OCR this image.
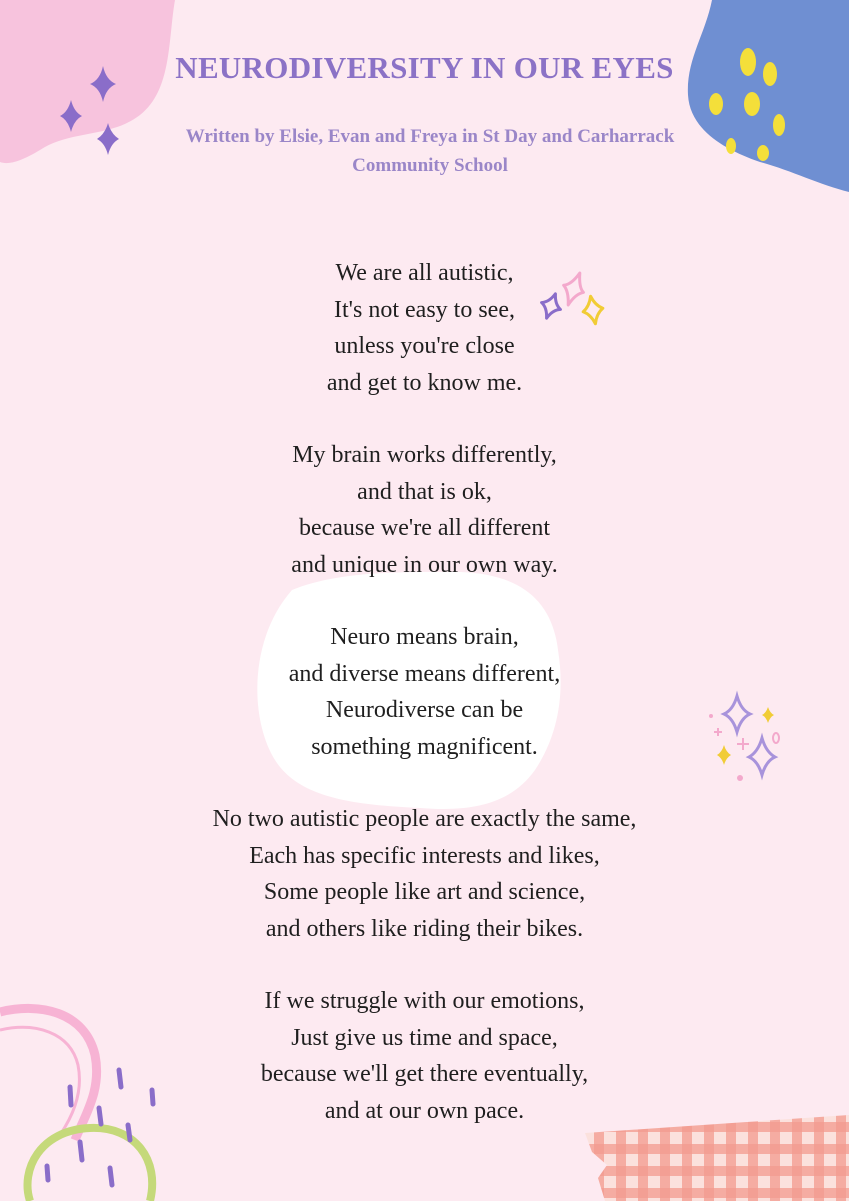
NEURODIVERSITY IN OUR EYES
Written by Elsie, Evan and Freya in St Day and Carharrack Community School
We are all autistic,
It's not easy to see,
unless you're close
and get to know me.
My brain works differently,
and that is ok,
because we're all different
and unique in our own way.
Neuro means brain,
and diverse means different,
Neurodiverse can be
something magnificent.
No two autistic people are exactly the same,
Each has specific interests and likes,
Some people like art and science,
and others like riding their bikes.
If we struggle with our emotions,
Just give us time and space,
because we'll get there eventually,
and at our own pace.
